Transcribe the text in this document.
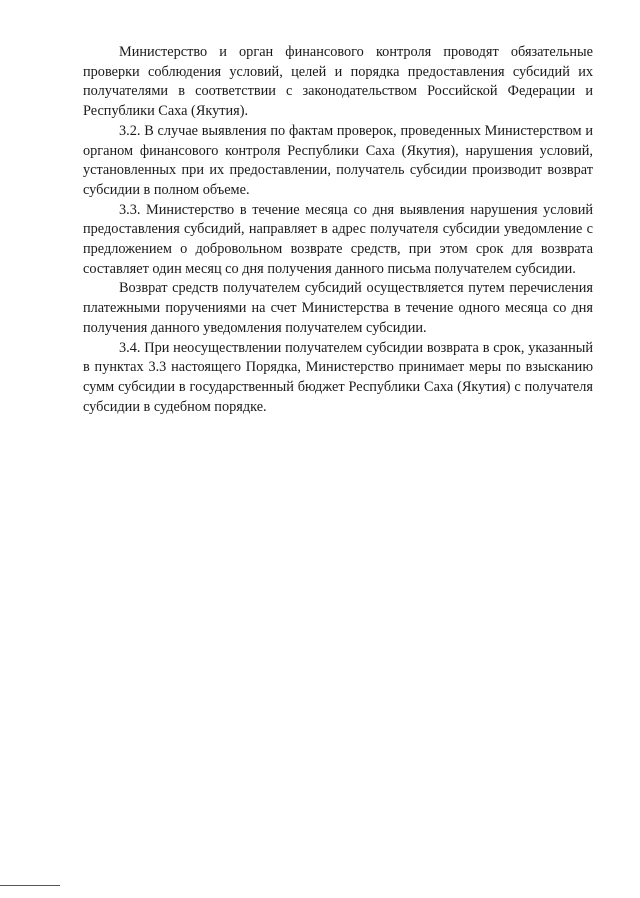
Министерство и орган финансового контроля проводят обязательные проверки соблюдения условий, целей и порядка предоставления субсидий их получателями в соответствии с законодательством Российской Федерации и Республики Саха (Якутия).

3.2. В случае выявления по фактам проверок, проведенных Министерством и органом финансового контроля Республики Саха (Якутия), нарушения условий, установленных при их предоставлении, получатель субсидии производит возврат субсидии в полном объеме.

3.3. Министерство в течение месяца со дня выявления нарушения условий предоставления субсидий, направляет в адрес получателя субсидии уведомление с предложением о добровольном возврате средств, при этом срок для возврата составляет один месяц со дня получения данного письма получателем субсидии.

Возврат средств получателем субсидий осуществляется путем перечисления платежными поручениями на счет Министерства в течение одного месяца со дня получения данного уведомления получателем субсидии.

3.4. При неосуществлении получателем субсидии возврата в срок, указанный в пунктах 3.3 настоящего Порядка, Министерство принимает меры по взысканию сумм субсидии в государственный бюджет Республики Саха (Якутия) с получателя субсидии в судебном порядке.
